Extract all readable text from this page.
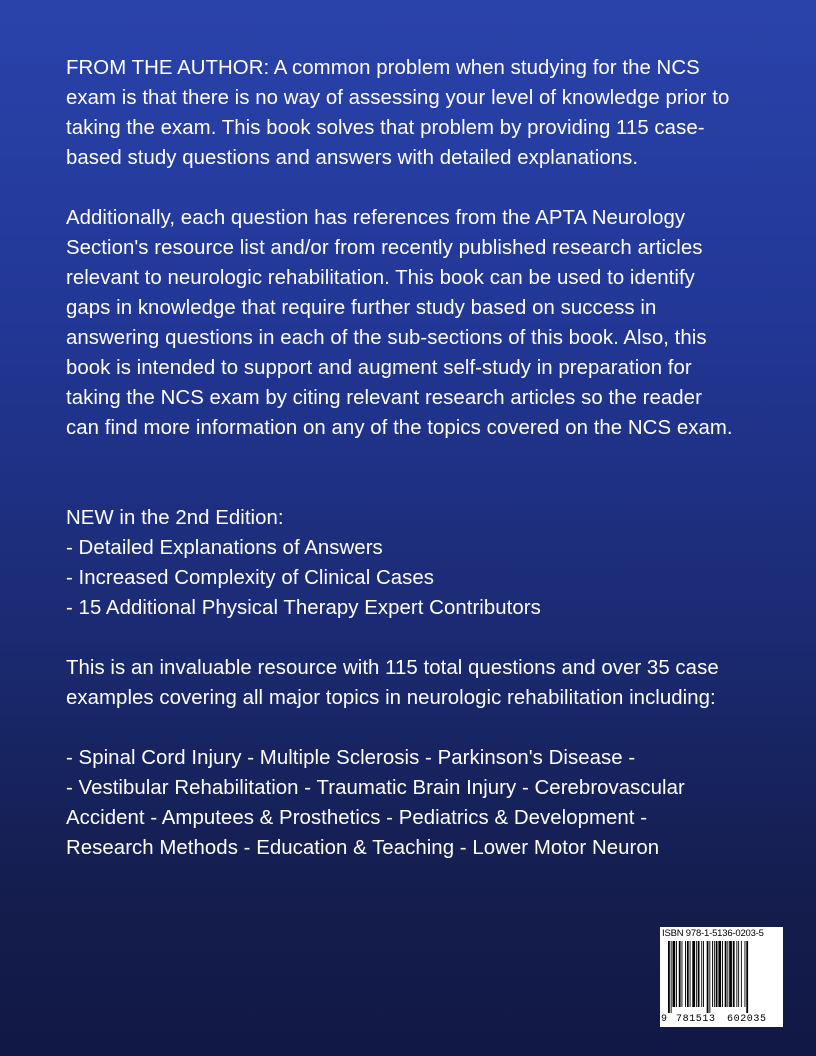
FROM THE AUTHOR: A common problem when studying for the NCS
exam is that there is no way of assessing your level of knowledge prior to
taking the exam. This book solves that problem by providing 115 case-
based study questions and answers with detailed explanations.

Additionally, each question has references from the APTA Neurology
Section's resource list and/or from recently published research articles
relevant to neurologic rehabilitation. This book can be used to identify
gaps in knowledge that require further study based on success in
answering questions in each of the sub-sections of this book. Also, this
book is intended to support and augment self-study in preparation for
taking the NCS exam by citing relevant research articles so the reader
can find more information on any of the topics covered on the NCS exam.

NEW in the 2nd Edition:
- Detailed Explanations of Answers
- Increased Complexity of Clinical Cases
- 15 Additional Physical Therapy Expert Contributors

This is an invaluable resource with 115 total questions and over 35 case
examples covering all major topics in neurologic rehabilitation including:

- Spinal Cord Injury - Multiple Sclerosis - Parkinson's Disease -
- Vestibular Rehabilitation - Traumatic Brain Injury - Cerebrovascular
Accident - Amputees & Prosthetics - Pediatrics & Development -
Research Methods - Education & Teaching - Lower Motor Neuron

ISBN 978-1-5136-0203-5
9 781513 602035
